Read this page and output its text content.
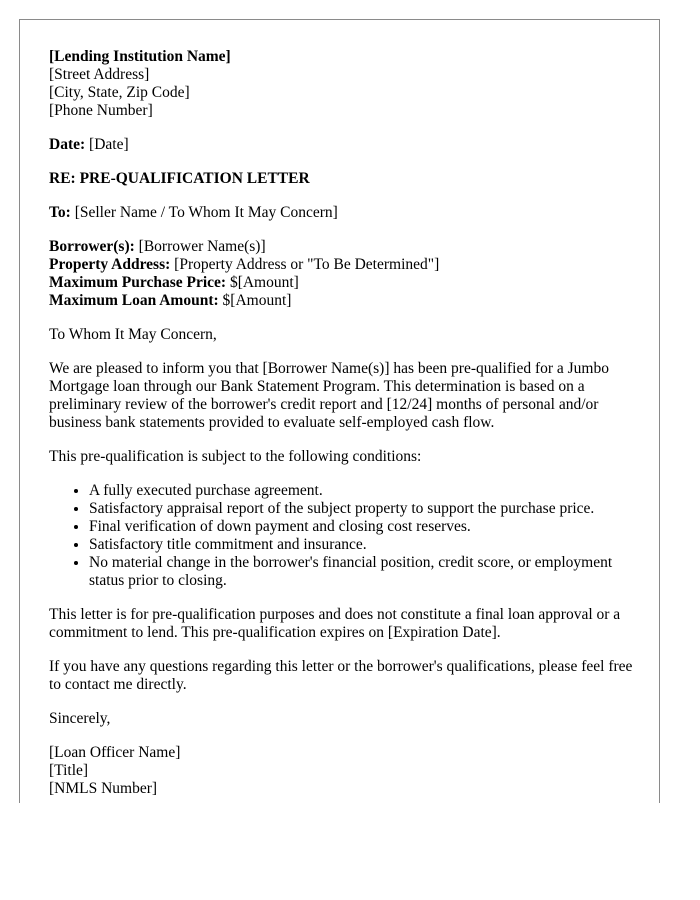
[Lending Institution Name]
[Street Address]
[City, State, Zip Code]
[Phone Number]
Date: [Date]
RE: PRE-QUALIFICATION LETTER
To: [Seller Name / To Whom It May Concern]
Borrower(s): [Borrower Name(s)]
Property Address: [Property Address or "To Be Determined"]
Maximum Purchase Price: $[Amount]
Maximum Loan Amount: $[Amount]
To Whom It May Concern,
We are pleased to inform you that [Borrower Name(s)] has been pre-qualified for a Jumbo Mortgage loan through our Bank Statement Program. This determination is based on a preliminary review of the borrower's credit report and [12/24] months of personal and/or business bank statements provided to evaluate self-employed cash flow.
This pre-qualification is subject to the following conditions:
• A fully executed purchase agreement.
• Satisfactory appraisal report of the subject property to support the purchase price.
• Final verification of down payment and closing cost reserves.
• Satisfactory title commitment and insurance.
• No material change in the borrower's financial position, credit score, or employment status prior to closing.
This letter is for pre-qualification purposes and does not constitute a final loan approval or a commitment to lend. This pre-qualification expires on [Expiration Date].
If you have any questions regarding this letter or the borrower's qualifications, please feel free to contact me directly.
Sincerely,
[Loan Officer Name]
[Title]
[NMLS Number]
